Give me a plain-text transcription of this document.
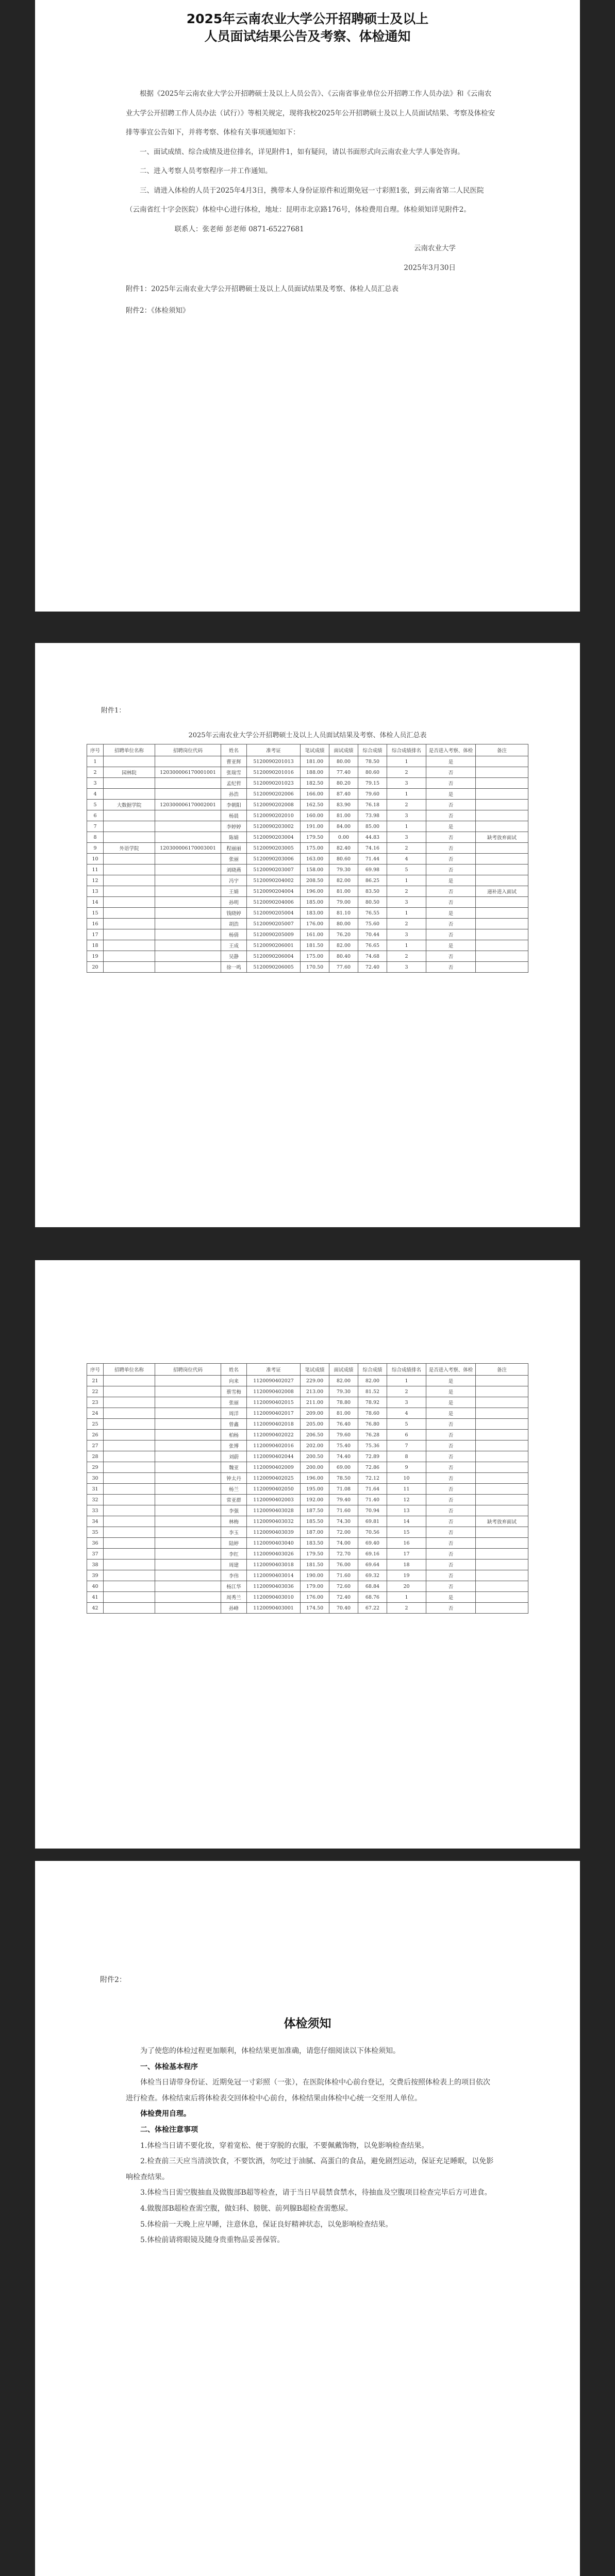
2025年云南农业大学公开招聘硕士及以上
人员面试结果公告及考察、体检通知

根据《2025年云南农业大学公开招聘硕士及以上人员公告》、《云南省事业单位公开招聘工作人员办法》和《云南农业大学公开招聘工作人员办法（试行）》等相关规定，现将我校2025年公开招聘硕士及以上人员面试结果、考察及体检安排等事宜公告如下，并将考察、体检有关事项通知如下：

一、面试成绩、综合成绩及进位排名，详见附件1，如有疑问，请以书面形式向云南农业大学人事处咨询。

二、进入考察人员考察程序一并工作通知。

三、请进入体检的人员于2025年4月3日，携带本人身份证原件和近期免冠一寸彩照1张，到云南省第二人民医院（云南省红十字会医院）体检中心进行体检，地址：昆明市北京路176号，体检费用自理。体检须知详见附件2。

联系人：张老师 彭老师 0871-65227681

云南农业大学

2025年3月30日

附件1：2025年云南农业大学公开招聘硕士及以上人员面试结果及考察、体检人员汇总表

附件2：《体检须知》

附件1：
2025年云南农业大学公开招聘硕士及以上人员面试结果及考察、体检人员汇总表
序号	招聘单位名称	招聘岗位代码	姓名	准考证	笔试成绩	面试成绩	综合成绩	综合成绩排名	是否进入考察、体检	备注
1			曹亚辉	5120090201013	181.00	80.00	78.50	1	是	
2	园林院	120300006170001001	张瑞雪	5120090201016	188.00	77.40	80.60	2	否	
3			孟纪哲	5120090201023	182.50	80.20	79.15	3	否	
4			孙浩	5120090202006	166.00	87.40	79.60	1	是	
5	大数据学院	120300006170002001	李朝阳	5120090202008	162.50	83.90	76.18	2	否	
6			杨晨	5120090202010	160.00	81.00	73.98	3	否	
7			李婷婷	5120090203002	191.00	84.00	85.00	1	是	
8			陈婧	5120090203004	179.50	0.00	44.83	3	否	缺考放弃面试
9	外语学院	120300006170003001	程丽丽	5120090203005	175.00	82.40	74.16	2	否	
10			张丽	5120090203006	163.00	80.60	71.44	4	否	
11			刘晓燕	5120090203007	158.00	79.30	69.98	5	否	
12			冯宇	5120090204002	208.50	82.00	86.25	1	是	
13			王婧	5120090204004	196.00	81.00	83.50	2	否	递补进入面试
14			孙明	5120090204006	185.00	79.00	80.50	3	否	
15			钱晓婷	5120090205004	183.00	81.10	76.55	1	是	
16			胡浩	5120090205007	176.00	80.00	75.60	2	否	
17			杨倩	5120090205009	161.00	76.20	70.44	3	否	
18			王成	5120090206001	181.50	82.00	76.65	1	是	
19			吴静	5120090206004	175.00	80.40	74.68	2	否	
20			徐一鸣	5120090206005	170.50	77.60	72.40	3	否	
序号	招聘单位名称	招聘岗位代码	姓名	准考证	笔试成绩	面试成绩	综合成绩	综合成绩排名	是否进入考察、体检	备注
21			向来	1120090402027	229.00	82.00	82.00	1	是	
22			蔡雪梅	1120090402008	213.00	79.30	81.52	2	是	
23			张丽	1120090402015	211.00	78.80	78.92	3	是	
24			周洋	1120090402017	209.00	81.00	78.60	4	是	
25			曾鑫	1120090402018	205.00	76.40	76.80	5	否	
26			柏杨	1120090402022	206.50	79.60	76.28	6	否	
27			张博	1120090402016	202.00	75.40	75.36	7	否	
28			刘蔚	1120090402044	200.50	74.40	72.89	8	否	
29			魏亚	1120090402009	200.00	69.00	72.86	9	否	
30			钟太丹	1120090402025	196.00	78.50	72.12	10	否	
31			杨兰	1120090402050	195.00	71.08	71.64	11	否	
32			常亚群	1120090402003	192.00	79.40	71.40	12	否	
33			李强	1120090403028	187.50	71.60	70.94	13	否	
34			林梅	1120090403032	185.50	74.30	69.81	14	否	缺考放弃面试
35			李玉	1120090403039	187.00	72.00	70.56	15	否	
36			陆婷	1120090403040	183.50	74.00	69.40	16	否	
37			李红	1120090403026	179.50	72.70	69.16	17	否	
38			周建	1120090403018	181.50	76.00	69.64	18	否	
39			李伟	1120090403014	190.00	71.60	69.32	19	否	
40			杨江华	1120090403036	179.00	72.60	68.84	20	否	
41			周秀兰	1120090403010	176.00	72.40	68.76	1	是	
42			孙峰	1120090403001	174.50	70.40	67.22	2	否	
附件2：
体检须知

为了使您的体检过程更加顺利，体检结果更加准确，请您仔细阅读以下体检须知。

一、体检基本程序

体检当日请带身份证、近期免冠一寸彩照（一张），在医院体检中心前台登记，交费后按照体检表上的项目依次进行检查。体检结束后将体检表交回体检中心前台，体检结果由体检中心统一交至用人单位。

体检费用自理。

二、体检注意事项

1.体检当日请不要化妆，穿着宽松、便于穿脱的衣服，不要佩戴饰物，以免影响检查结果。

2.检查前三天应当清淡饮食，不要饮酒，勿吃过于油腻、高蛋白的食品，避免剧烈运动，保证充足睡眠，以免影响检查结果。

3.体检当日需空腹抽血及做腹部B超等检查，请于当日早晨禁食禁水，待抽血及空腹项目检查完毕后方可进食。

4.做腹部B超检查需空腹，做妇科、膀胱、前列腺B超检查需憋尿。

5.体检前一天晚上应早睡，注意休息，保证良好精神状态，以免影响检查结果。

5.体检前请将眼镜及随身贵重物品妥善保管。
